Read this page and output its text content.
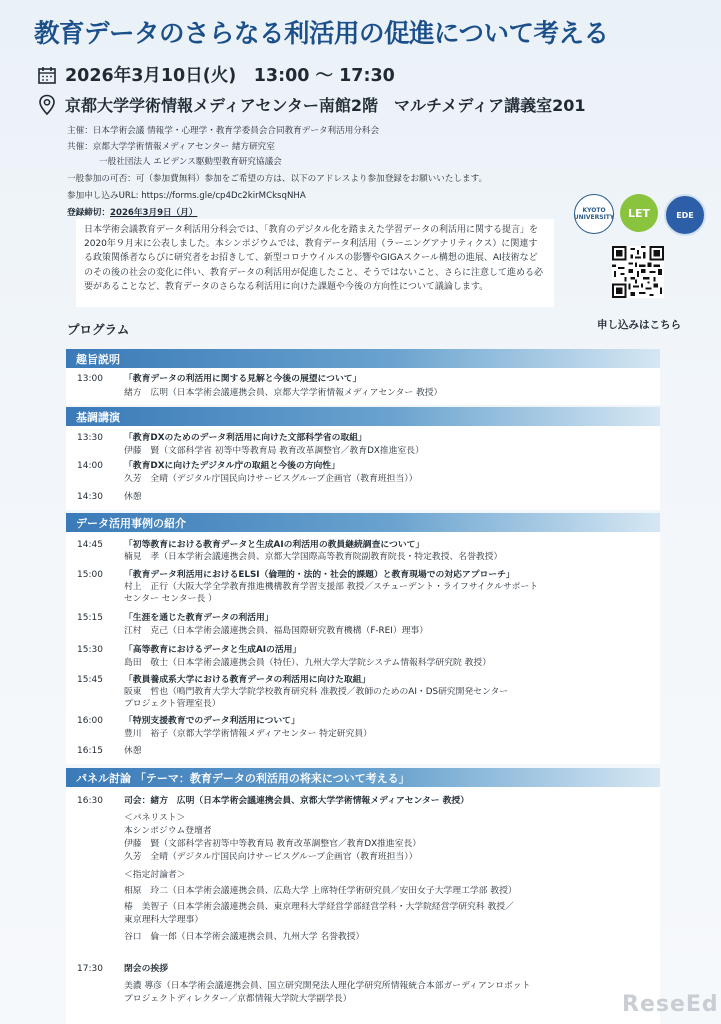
教育データのさらなる利活用の促進について考える
2026年3月10日(火)　13:00 ～ 17:30
京都大学学術情報メディアセンター南館2階　マルチメディア講義室201
主催：日本学術会議 情報学・心理学・教育学委員会合同教育データ利活用分科会
共催：京都大学学術情報メディアセンター 緒方研究室
一般社団法人 エビデンス駆動型教育研究協議会
一般参加の可否：可（参加費無料）参加をご希望の方は、以下のアドレスより参加登録をお願いいたします。
参加申し込みURL: https://forms.gle/cp4Dc2kirMCksqNHA
登録締切：2026年3月9日（月）
日本学術会議教育データ利活用分科会では、「教育のデジタル化を踏まえた学習データの利活用に関する提言」を2020年９月末に公表しました。本シンポジウムでは、教育データ利活用（ラーニングアナリティクス）に関連する政策関係者ならびに研究者をお招きして、新型コロナウイルスの影響やGIGAスクール構想の進展、AI技術などのその後の社会の変化に伴い、教育データの利活用が促進したこと、そうではないこと、さらに注意して進める必要があることなど、教育データのさらなる利活用に向けた課題や今後の方向性について議論します。
KYOTO UNIVERSITY LET	EDE
申し込みはこちら
プログラム
趣旨説明
13:00 「教育データの利活用に関する見解と今後の展望について」
緒方　広明（日本学術会議連携会員、京都大学学術情報メディアセンター 教授）
基調講演
13:30 「教育DXのためのデータ利活用に向けた文部科学省の取組」
伊藤　賢（文部科学省 初等中等教育局 教育改革調整官／教育DX推進室長）
14:00 「教育DXに向けたデジタル庁の取組と今後の方向性」
久芳　全晴（デジタル庁国民向けサービスグループ企画官（教育班担当））
14:30 休憩
データ活用事例の紹介
14:45 「初等教育における教育データと生成AIの利活用の教員継続調査について」
楠見　孝（日本学術会議連携会員、京都大学国際高等教育院副教育院長・特定教授、名誉教授）
15:00 「教育データ利活用におけるELSI（倫理的・法的・社会的課題）と教育現場での対応アプローチ」
村上　正行（大阪大学全学教育推進機構教育学習支援部 教授／スチューデント・ライフサイクルサポート
センター センター長 ）
15:15 「生涯を通じた教育データの利活用」
江村　克己（日本学術会議連携会員、福島国際研究教育機構（F-REI）理事）
15:30 「高等教育におけるデータと生成AIの活用」
島田　敬士（日本学術会議連携会員（特任）、九州大学大学院システム情報科学研究院 教授）
15:45 「教員養成系大学における教育データの利活用に向けた取組」
阪東　哲也（鳴門教育大学大学院学校教育研究科 准教授／教師のためのAI・DS研究開発センター
プロジェクト管理室長）
16:00 「特別支援教育でのデータ利活用について」
豊川　裕子（京都大学学術情報メディアセンター 特定研究員）
16:15 休憩
パネル討論 「テーマ：教育データの利活用の将来について考える」
16:30 司会：緒方　広明（日本学術会議連携会員、京都大学学術情報メディアセンター 教授）
＜パネリスト＞
本シンポジウム登壇者
伊藤　賢（文部科学省初等中等教育局 教育改革調整官／教育DX推進室長）
久芳　全晴（デジタル庁国民向けサービスグループ企画官（教育班担当））
＜指定討論者＞
相原　玲二（日本学術会議連携会員、広島大学 上席特任学術研究員／安田女子大学理工学部 教授）
椿　美智子（日本学術会議連携会員、東京理科大学経営学部経営学科・大学院経営学研究科 教授／
東京理科大学理事）
谷口　倫一郎（日本学術会議連携会員、九州大学 名誉教授）
17:30 閉会の挨拶
美濃 導彦（日本学術会議連携会員、国立研究開発法人理化学研究所情報統合本部ガーディアンロボット
プロジェクトディレクター／京都情報大学院大学副学長）	ReseEd
